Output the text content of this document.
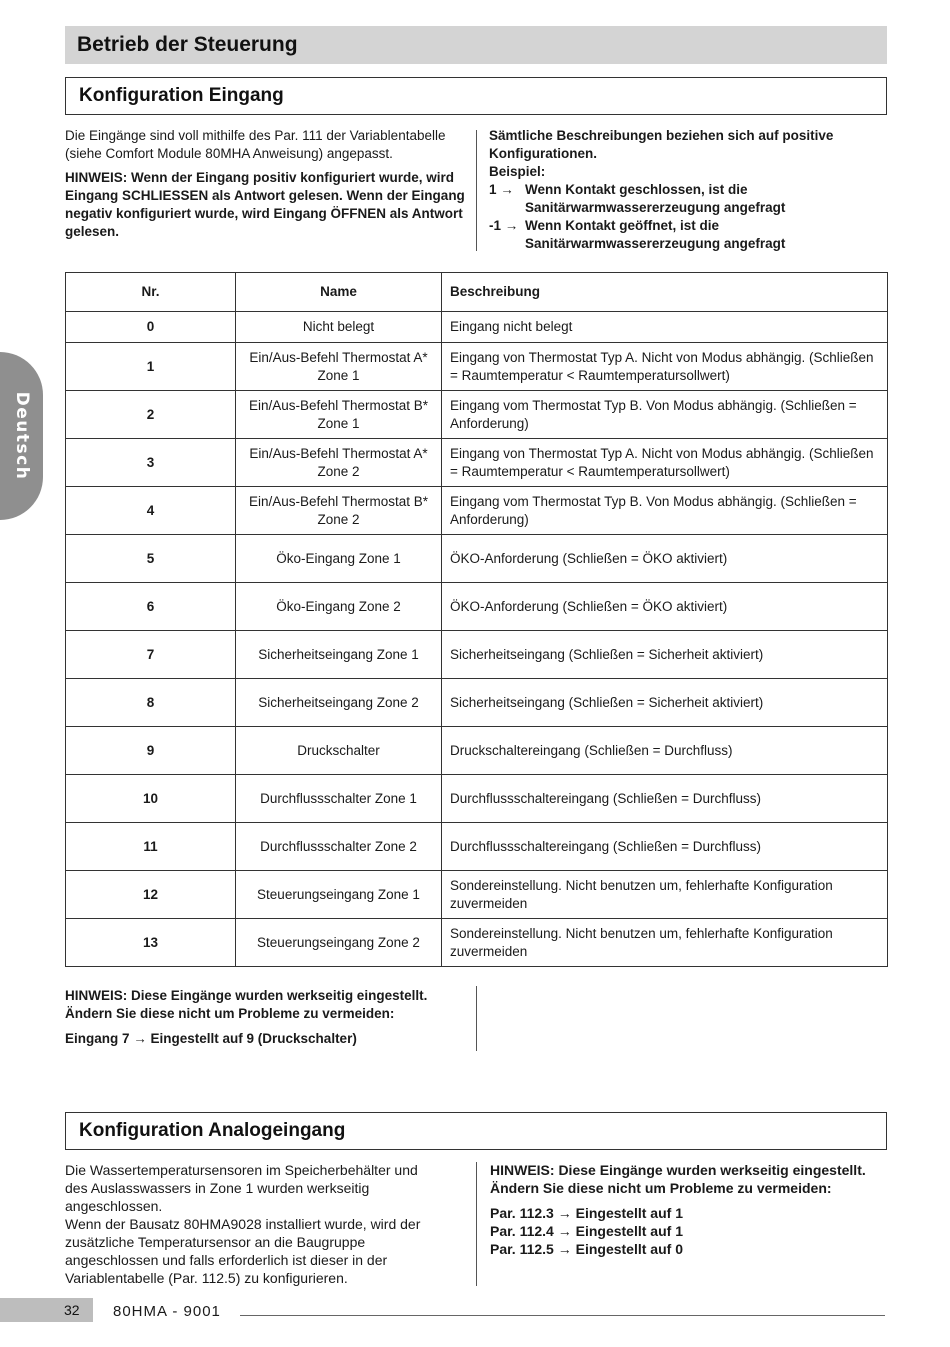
Betrieb der Steuerung
Deutsch
Konfiguration Eingang

Die Eingänge sind voll mithilfe des Par. 111 der Variablentabelle (siehe Comfort Module 80MHA Anweisung) angepasst.

HINWEIS: Wenn der Eingang positiv konfiguriert wurde, wird Eingang SCHLIESSEN als Antwort gelesen. Wenn der Eingang negativ konfiguriert wurde, wird Eingang ÖFFNEN als Antwort gelesen.

Sämtliche Beschreibungen beziehen sich auf positive Konfigurationen.

Beispiel:

1 → Wenn Kontakt geschlossen, ist die Sanitärwarmwassererzeugung angefragt
-1 → Wenn Kontakt geöffnet, ist die Sanitärwarmwassererzeugung angefragt
Nr.	Name	Beschreibung
0	Nicht belegt	Eingang nicht belegt
1	Ein/Aus-Befehl Thermostat A* Zone 1	Eingang von Thermostat Typ A. Nicht von Modus abhängig. (Schließen = Raumtemperatur < Raumtemperatursollwert)
2	Ein/Aus-Befehl Thermostat B* Zone 1	Eingang vom Thermostat Typ B. Von Modus abhängig. (Schließen = Anforderung)
3	Ein/Aus-Befehl Thermostat A* Zone 2	Eingang von Thermostat Typ A. Nicht von Modus abhängig. (Schließen = Raumtemperatur < Raumtemperatursollwert)
4	Ein/Aus-Befehl Thermostat B* Zone 2	Eingang vom Thermostat Typ B. Von Modus abhängig. (Schließen = Anforderung)
5	Öko-Eingang Zone 1	ÖKO-Anforderung (Schließen = ÖKO aktiviert)
6	Öko-Eingang Zone 2	ÖKO-Anforderung (Schließen = ÖKO aktiviert)
7	Sicherheitseingang Zone 1	Sicherheitseingang (Schließen = Sicherheit aktiviert)
8	Sicherheitseingang Zone 2	Sicherheitseingang (Schließen = Sicherheit aktiviert)
9	Druckschalter	Druckschaltereingang (Schließen = Durchfluss)
10	Durchflussschalter Zone 1	Durchflussschaltereingang (Schließen = Durchfluss)
11	Durchflussschalter Zone 2	Durchflussschaltereingang (Schließen = Durchfluss)
12	Steuerungseingang Zone 1	Sondereinstellung. Nicht benutzen um, fehlerhafte Konfiguration zuvermeiden
13	Steuerungseingang Zone 2	Sondereinstellung. Nicht benutzen um, fehlerhafte Konfiguration zuvermeiden

HINWEIS: Diese Eingänge wurden werkseitig eingestellt. Ändern Sie diese nicht um Probleme zu vermeiden:

Eingang 7 → Eingestellt auf 9 (Druckschalter)

Konfiguration Analogeingang

Die Wassertemperatursensoren im Speicherbehälter und des Auslasswassers in Zone 1 wurden werkseitig angeschlossen.

Wenn der Bausatz 80HMA9028 installiert wurde, wird der zusätzliche Temperatursensor an die Baugruppe angeschlossen und falls erforderlich ist dieser in der Variablentabelle (Par. 112.5) zu konfigurieren.

HINWEIS: Diese Eingänge wurden werkseitig eingestellt. Ändern Sie diese nicht um Probleme zu vermeiden:

Par. 112.3 → Eingestellt auf 1

Par. 112.4 → Eingestellt auf 1

Par. 112.5 → Eingestellt auf 0

32	80HMA - 9001
